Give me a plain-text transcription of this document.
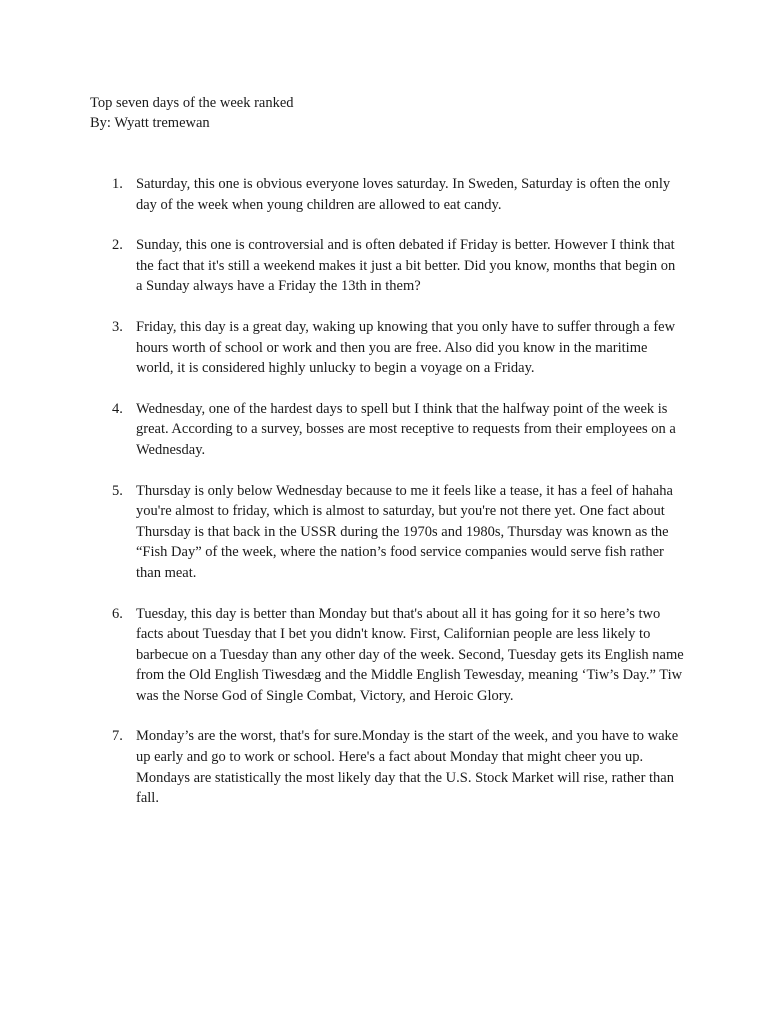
Top seven days of the week ranked
By: Wyatt tremewan
1. Saturday, this one is obvious everyone loves saturday. In Sweden, Saturday is often the only day of the week when young children are allowed to eat candy.
2. Sunday, this one is controversial and is often debated if Friday is better. However I think that the fact that it's still a weekend makes it just a bit better. Did you know, months that begin on a Sunday always have a Friday the 13th in them?
3. Friday, this day is a great day, waking up knowing that you only have to suffer through a few hours worth of school or work and then you are free. Also did you know in the maritime world, it is considered highly unlucky to begin a voyage on a Friday.
4. Wednesday, one of the hardest days to spell but I think that the halfway point of the week is great. According to a survey, bosses are most receptive to requests from their employees on a Wednesday.
5. Thursday is only below Wednesday because to me it feels like a tease, it has a feel of hahaha you're almost to friday, which is almost to saturday, but you're not there yet. One fact about Thursday is that back in the USSR during the 1970s and 1980s, Thursday was known as the “Fish Day” of the week, where the nation’s food service companies would serve fish rather than meat.
6. Tuesday, this day is better than Monday but that's about all it has going for it so here’s two facts about Tuesday that I bet you didn't know. First, Californian people are less likely to barbecue on a Tuesday than any other day of the week. Second, Tuesday gets its English name from the Old English Tiwesdæg and the Middle English Tewesday, meaning ‘Tiw’s Day.” Tiw was the Norse God of Single Combat, Victory, and Heroic Glory.
7. Monday’s are the worst, that's for sure.Monday is the start of the week, and you have to wake up early and go to work or school. Here's a fact about Monday that might cheer you up. Mondays are statistically the most likely day that the U.S. Stock Market will rise, rather than fall.
